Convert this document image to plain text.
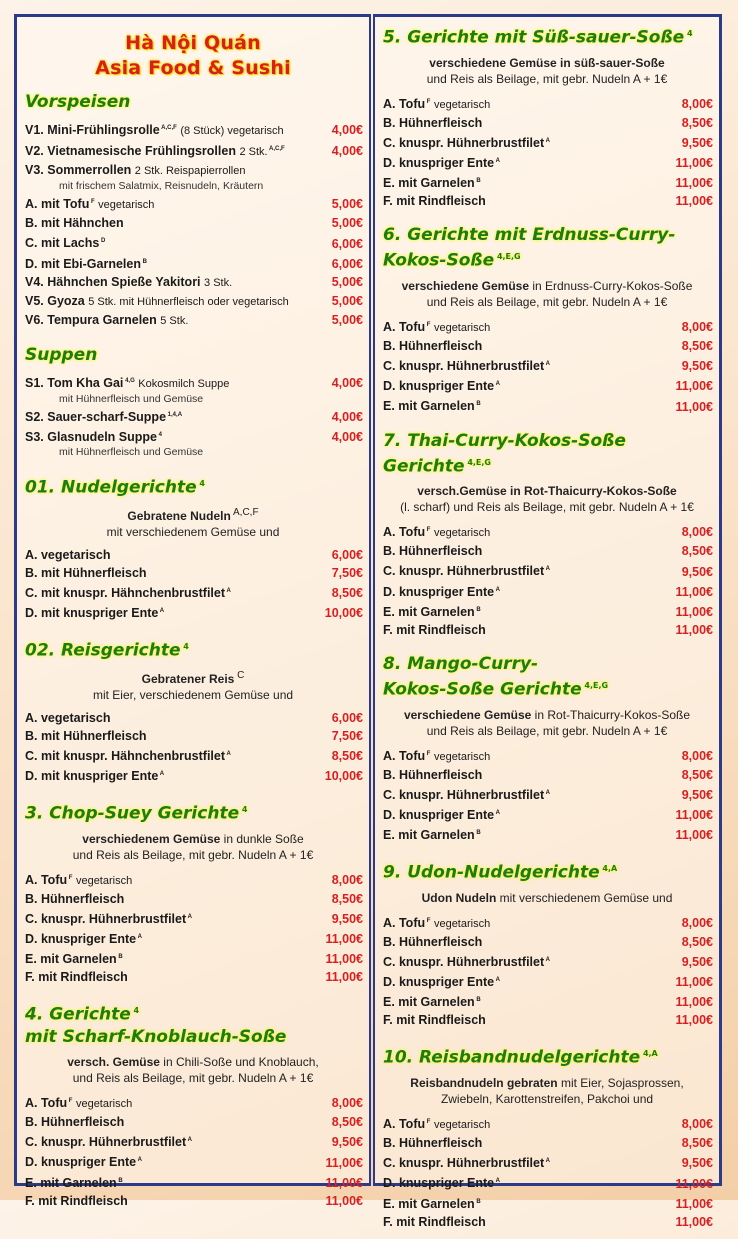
Hà Nội Quán
Asia Food & Sushi
Vorspeisen
V1. Mini-Frühlingsrolle $^{A,C,F}$ (8 Stück) vegetarisch	4,00€
V2. Vietnamesische Frühlingsrollen 2 Stk. $^{A,C,F}$	4,00€
V3. Sommerrollen 2 Stk. Reispapierrollen
mit frischem Salatmix, Reisnudeln, Kräutern
A. mit Tofu $^F$ vegetarisch	5,00€
B. mit Hähnchen	5,00€
C. mit Lachs $^D$	6,00€
D. mit Ebi-Garnelen $^B$	6,00€
V4. Hähnchen Spieße Yakitori 3 Stk.	5,00€
V5. Gyoza 5 Stk. mit Hühnerfleisch oder vegetarisch	5,00€
V6. Tempura Garnelen 5 Stk.	5,00€
Suppen
S1. Tom Kha Gai $^{4,G}$ Kokosmilch Suppe	4,00€
mit Hühnerfleisch und Gemüse
S2. Sauer-scharf-Suppe $^{1,4,A}$	4,00€
S3. Glasnudeln Suppe $^4$	4,00€
mit Hühnerfleisch und Gemüse
01. Nudelgerichte $^4$
Gebratene Nudeln $^{A,C,F}$
mit verschiedenem Gemüse und
A. vegetarisch	6,00€
B. mit Hühnerfleisch	7,50€
C. mit knuspr. Hähnchenbrustfilet $^A$	8,50€
D. mit knuspriger Ente $^A$	10,00€
02. Reisgerichte $^4$
Gebratener Reis $^C$
mit Eier, verschiedenem Gemüse und
A. vegetarisch	6,00€
B. mit Hühnerfleisch	7,50€
C. mit knuspr. Hähnchenbrustfilet $^A$	8,50€
D. mit knuspriger Ente $^A$	10,00€
3. Chop-Suey Gerichte $^4$
verschiedenem Gemüse in dunkle Soße
und Reis als Beilage, mit gebr. Nudeln A + 1€
A. Tofu $^F$ vegetarisch	8,00€
B. Hühnerfleisch	8,50€
C. knuspr. Hühnerbrustfilet $^A$	9,50€
D. knuspriger Ente $^A$	11,00€
E. mit Garnelen $^B$	11,00€
F. mit Rindfleisch	11,00€
4. Gerichte $^4$
mit Scharf-Knoblauch-Soße
versch. Gemüse in Chili-Soße und Knoblauch,
und Reis als Beilage, mit gebr. Nudeln A + 1€
A. Tofu $^F$ vegetarisch	8,00€
B. Hühnerfleisch	8,50€
C. knuspr. Hühnerbrustfilet $^A$	9,50€
D. knuspriger Ente $^A$	11,00€
E. mit Garnelen $^B$	11,00€
F. mit Rindfleisch	11,00€
5. Gerichte mit Süß-sauer-Soße $^4$
verschiedene Gemüse in süß-sauer-Soße
und Reis als Beilage, mit gebr. Nudeln A + 1€
A. Tofu $^F$ vegetarisch	8,00€
B. Hühnerfleisch	8,50€
C. knuspr. Hühnerbrustfilet $^A$	9,50€
D. knuspriger Ente $^A$	11,00€
E. mit Garnelen $^B$	11,00€
F. mit Rindfleisch	11,00€
6. Gerichte mit Erdnuss-Curry-
Kokos-Soße $^{4,E,G}$
verschiedene Gemüse in Erdnuss-Curry-Kokos-Soße
und Reis als Beilage, mit gebr. Nudeln A + 1€
A. Tofu $^F$ vegetarisch	8,00€
B. Hühnerfleisch	8,50€
C. knuspr. Hühnerbrustfilet $^A$	9,50€
D. knuspriger Ente $^A$	11,00€
E. mit Garnelen $^B$	11,00€
7. Thai-Curry-Kokos-Soße Gerichte $^{4,E,G}$
versch.Gemüse in Rot-Thaicurry-Kokos-Soße
(l. scharf) und Reis als Beilage, mit gebr. Nudeln A + 1€
A. Tofu $^F$ vegetarisch	8,00€
B. Hühnerfleisch	8,50€
C. knuspr. Hühnerbrustfilet $^A$	9,50€
D. knuspriger Ente $^A$	11,00€
E. mit Garnelen $^B$	11,00€
F. mit Rindfleisch	11,00€
8. Mango-Curry-
Kokos-Soße Gerichte $^{4,E,G}$
verschiedene Gemüse in Rot-Thaicurry-Kokos-Soße
und Reis als Beilage, mit gebr. Nudeln A + 1€
A. Tofu $^F$ vegetarisch	8,00€
B. Hühnerfleisch	8,50€
C. knuspr. Hühnerbrustfilet $^A$	9,50€
D. knuspriger Ente $^A$	11,00€
E. mit Garnelen $^B$	11,00€
9. Udon-Nudelgerichte $^{4,A}$
Udon Nudeln mit verschiedenem Gemüse und
A. Tofu $^F$ vegetarisch	8,00€
B. Hühnerfleisch	8,50€
C. knuspr. Hühnerbrustfilet $^A$	9,50€
D. knuspriger Ente $^A$	11,00€
E. mit Garnelen $^B$	11,00€
F. mit Rindfleisch	11,00€
10. Reisbandnudelgerichte $^{4,A}$
Reisbandnudeln gebraten mit Eier, Sojasprossen,
Zwiebeln, Karottenstreifen, Pakchoi und
A. Tofu $^F$ vegetarisch	8,00€
B. Hühnerfleisch	8,50€
C. knuspr. Hühnerbrustfilet $^A$	9,50€
D. knuspriger Ente $^A$	11,00€
E. mit Garnelen $^B$	11,00€
F. mit Rindfleisch	11,00€
